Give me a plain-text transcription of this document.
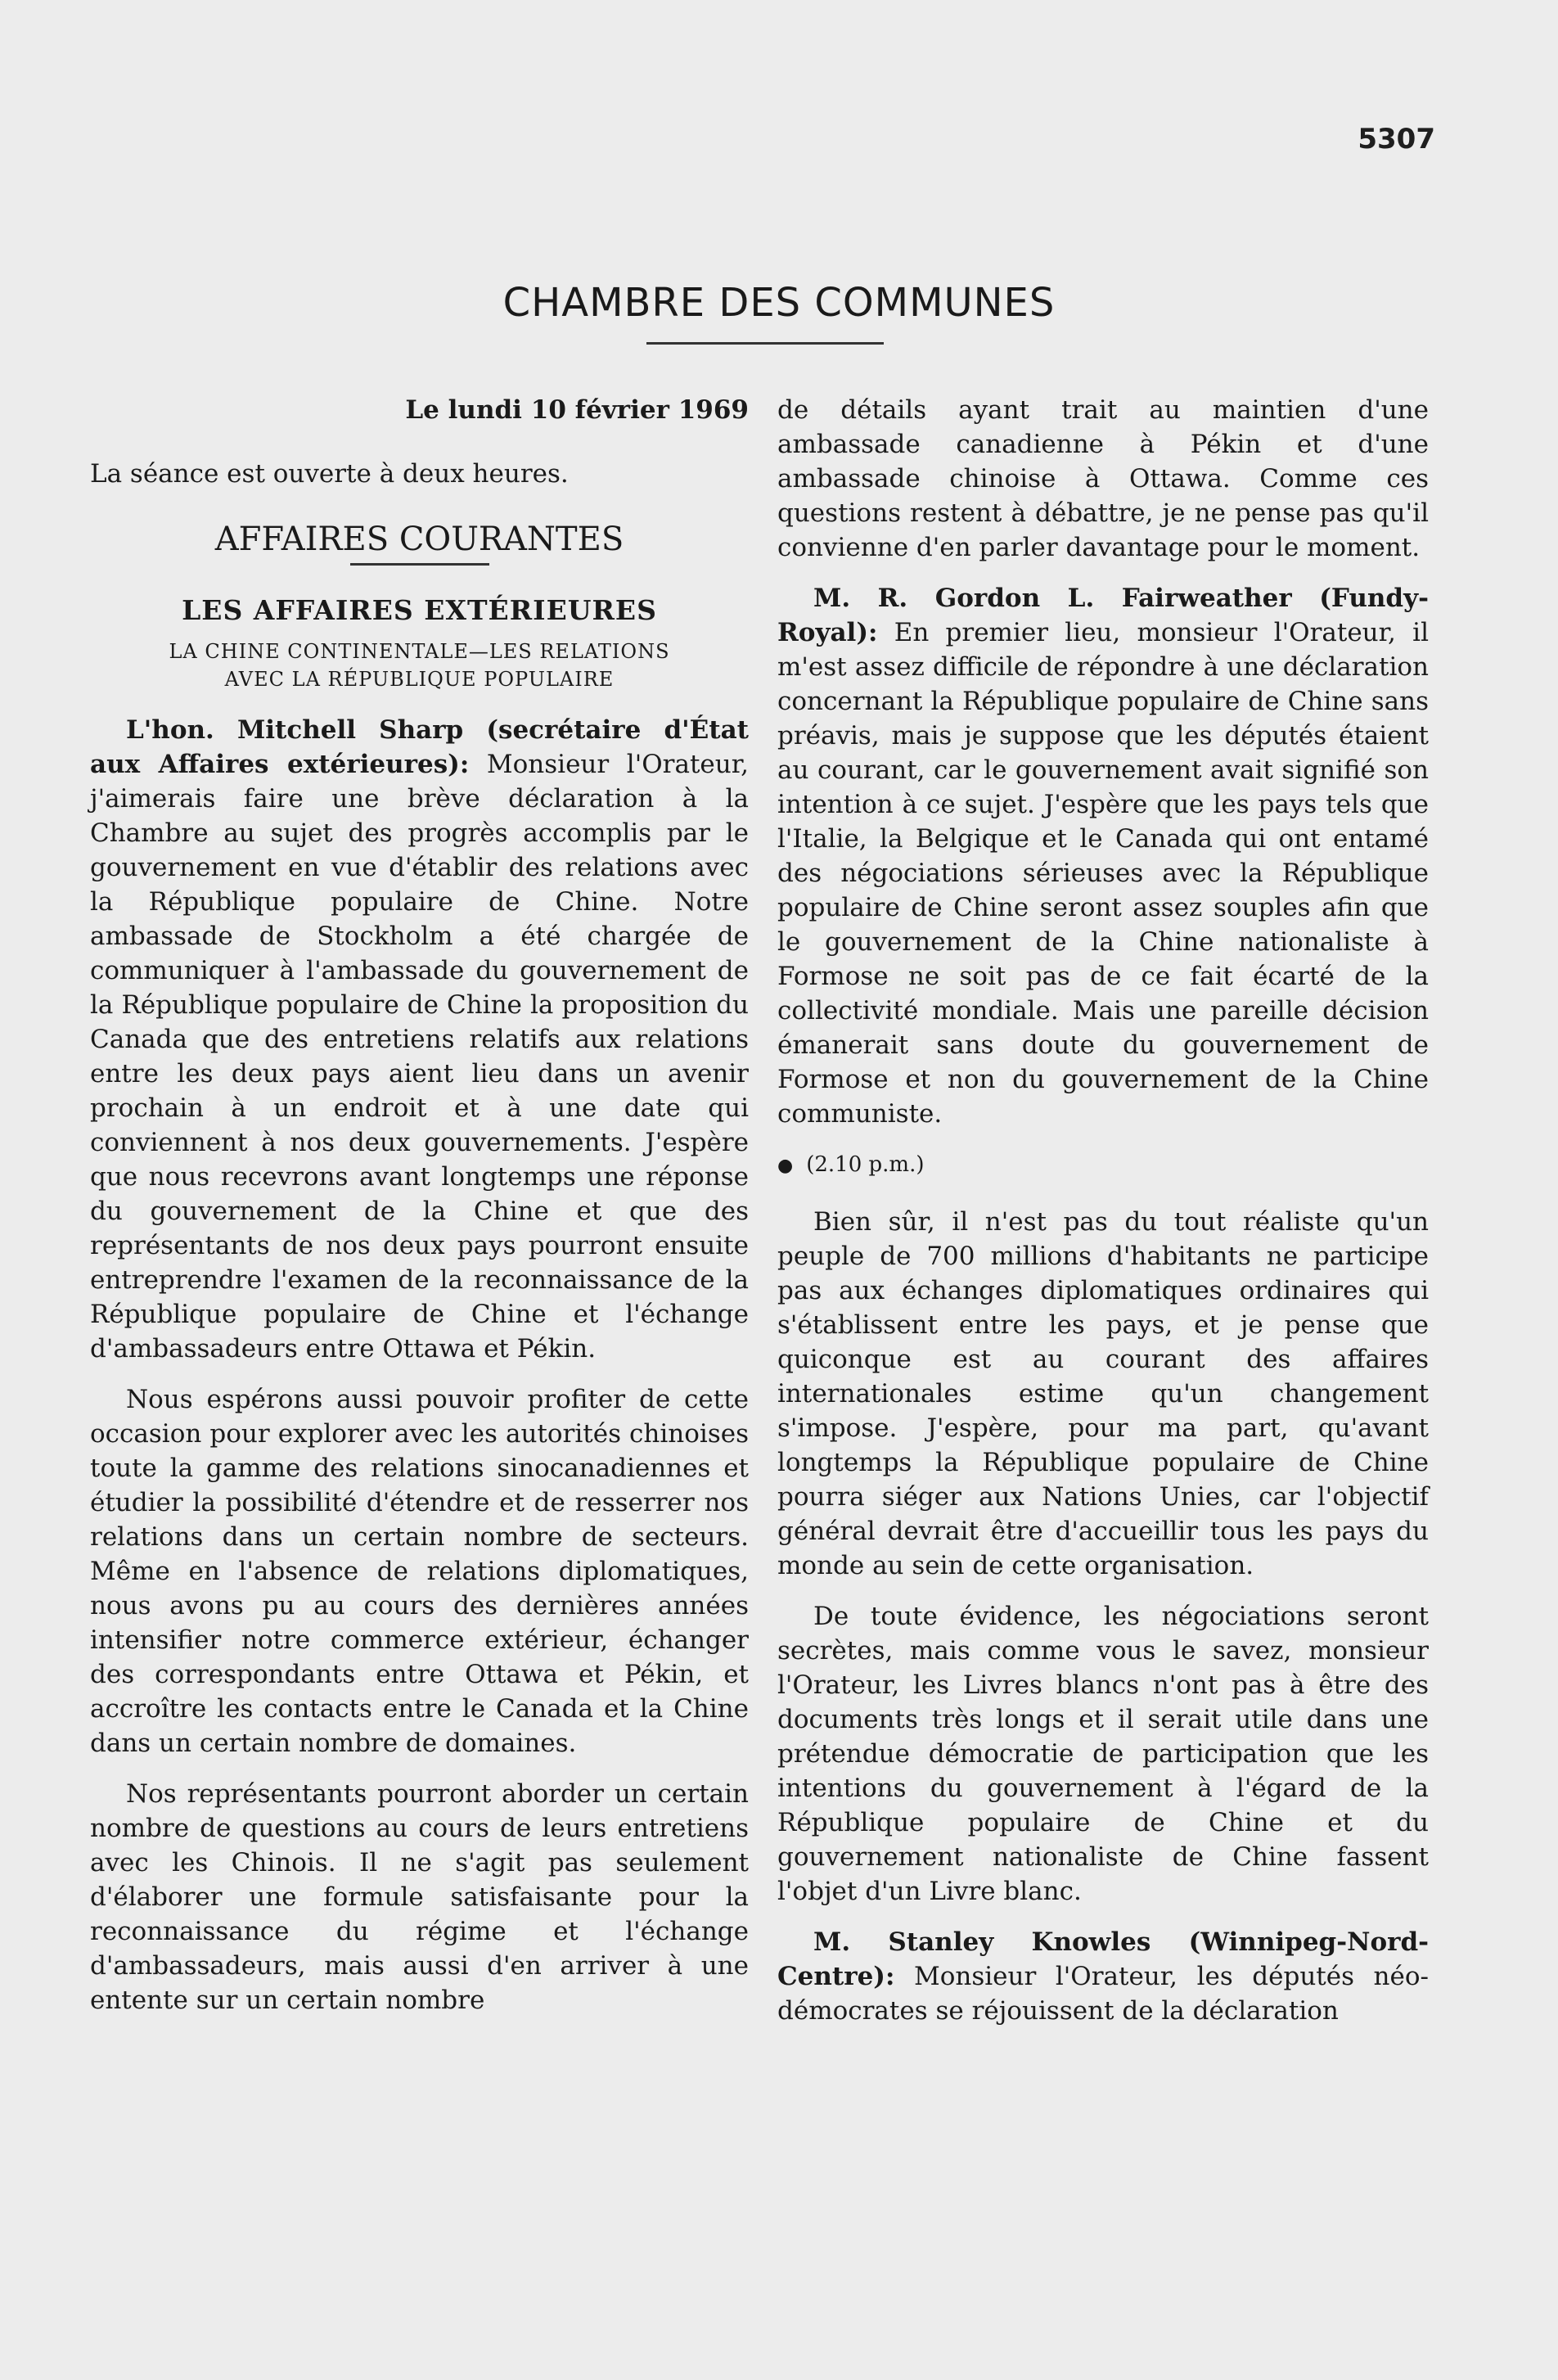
5307
CHAMBRE DES COMMUNES
Le lundi 10 février 1969
La séance est ouverte à deux heures.
AFFAIRES COURANTES
LES AFFAIRES EXTÉRIEURES
LA CHINE CONTINENTALE—LES RELATIONS
AVEC LA RÉPUBLIQUE POPULAIRE

L'hon. Mitchell Sharp (secrétaire d'État aux Affaires extérieures): Monsieur l'Orateur, j'aimerais faire une brève déclaration à la Chambre au sujet des progrès accomplis par le gouvernement en vue d'établir des relations avec la République populaire de Chine. Notre ambassade de Stockholm a été chargée de communiquer à l'ambassade du gouvernement de la République populaire de Chine la proposition du Canada que des entretiens relatifs aux relations entre les deux pays aient lieu dans un avenir prochain à un endroit et à une date qui conviennent à nos deux gouvernements. J'espère que nous recevrons avant longtemps une réponse du gouvernement de la Chine et que des représentants de nos deux pays pourront ensuite entreprendre l'examen de la reconnaissance de la République populaire de Chine et l'échange d'ambassadeurs entre Ottawa et Pékin.

Nous espérons aussi pouvoir profiter de cette occasion pour explorer avec les autorités chinoises toute la gamme des relations sinocanadiennes et étudier la possibilité d'étendre et de resserrer nos relations dans un certain nombre de secteurs. Même en l'absence de relations diplomatiques, nous avons pu au cours des dernières années intensifier notre commerce extérieur, échanger des correspondants entre Ottawa et Pékin, et accroître les contacts entre le Canada et la Chine dans un certain nombre de domaines.

Nos représentants pourront aborder un certain nombre de questions au cours de leurs entretiens avec les Chinois. Il ne s'agit pas seulement d'élaborer une formule satisfaisante pour la reconnaissance du régime et l'échange d'ambassadeurs, mais aussi d'en arriver à une entente sur un certain nombre

de détails ayant trait au maintien d'une ambassade canadienne à Pékin et d'une ambassade chinoise à Ottawa. Comme ces questions restent à débattre, je ne pense pas qu'il convienne d'en parler davantage pour le moment.

M. R. Gordon L. Fairweather (Fundy-Royal): En premier lieu, monsieur l'Orateur, il m'est assez difficile de répondre à une déclaration concernant la République populaire de Chine sans préavis, mais je suppose que les députés étaient au courant, car le gouvernement avait signifié son intention à ce sujet. J'espère que les pays tels que l'Italie, la Belgique et le Canada qui ont entamé des négociations sérieuses avec la République populaire de Chine seront assez souples afin que le gouvernement de la Chine nationaliste à Formose ne soit pas de ce fait écarté de la collectivité mondiale. Mais une pareille décision émanerait sans doute du gouvernement de Formose et non du gouvernement de la Chine communiste.

● (2.10 p.m.)

Bien sûr, il n'est pas du tout réaliste qu'un peuple de 700 millions d'habitants ne participe pas aux échanges diplomatiques ordinaires qui s'établissent entre les pays, et je pense que quiconque est au courant des affaires internationales estime qu'un changement s'impose. J'espère, pour ma part, qu'avant longtemps la République populaire de Chine pourra siéger aux Nations Unies, car l'objectif général devrait être d'accueillir tous les pays du monde au sein de cette organisation.

De toute évidence, les négociations seront secrètes, mais comme vous le savez, monsieur l'Orateur, les Livres blancs n'ont pas à être des documents très longs et il serait utile dans une prétendue démocratie de participation que les intentions du gouvernement à l'égard de la République populaire de Chine et du gouvernement nationaliste de Chine fassent l'objet d'un Livre blanc.

M. Stanley Knowles (Winnipeg-Nord-Centre): Monsieur l'Orateur, les députés néo-démocrates se réjouissent de la déclaration
